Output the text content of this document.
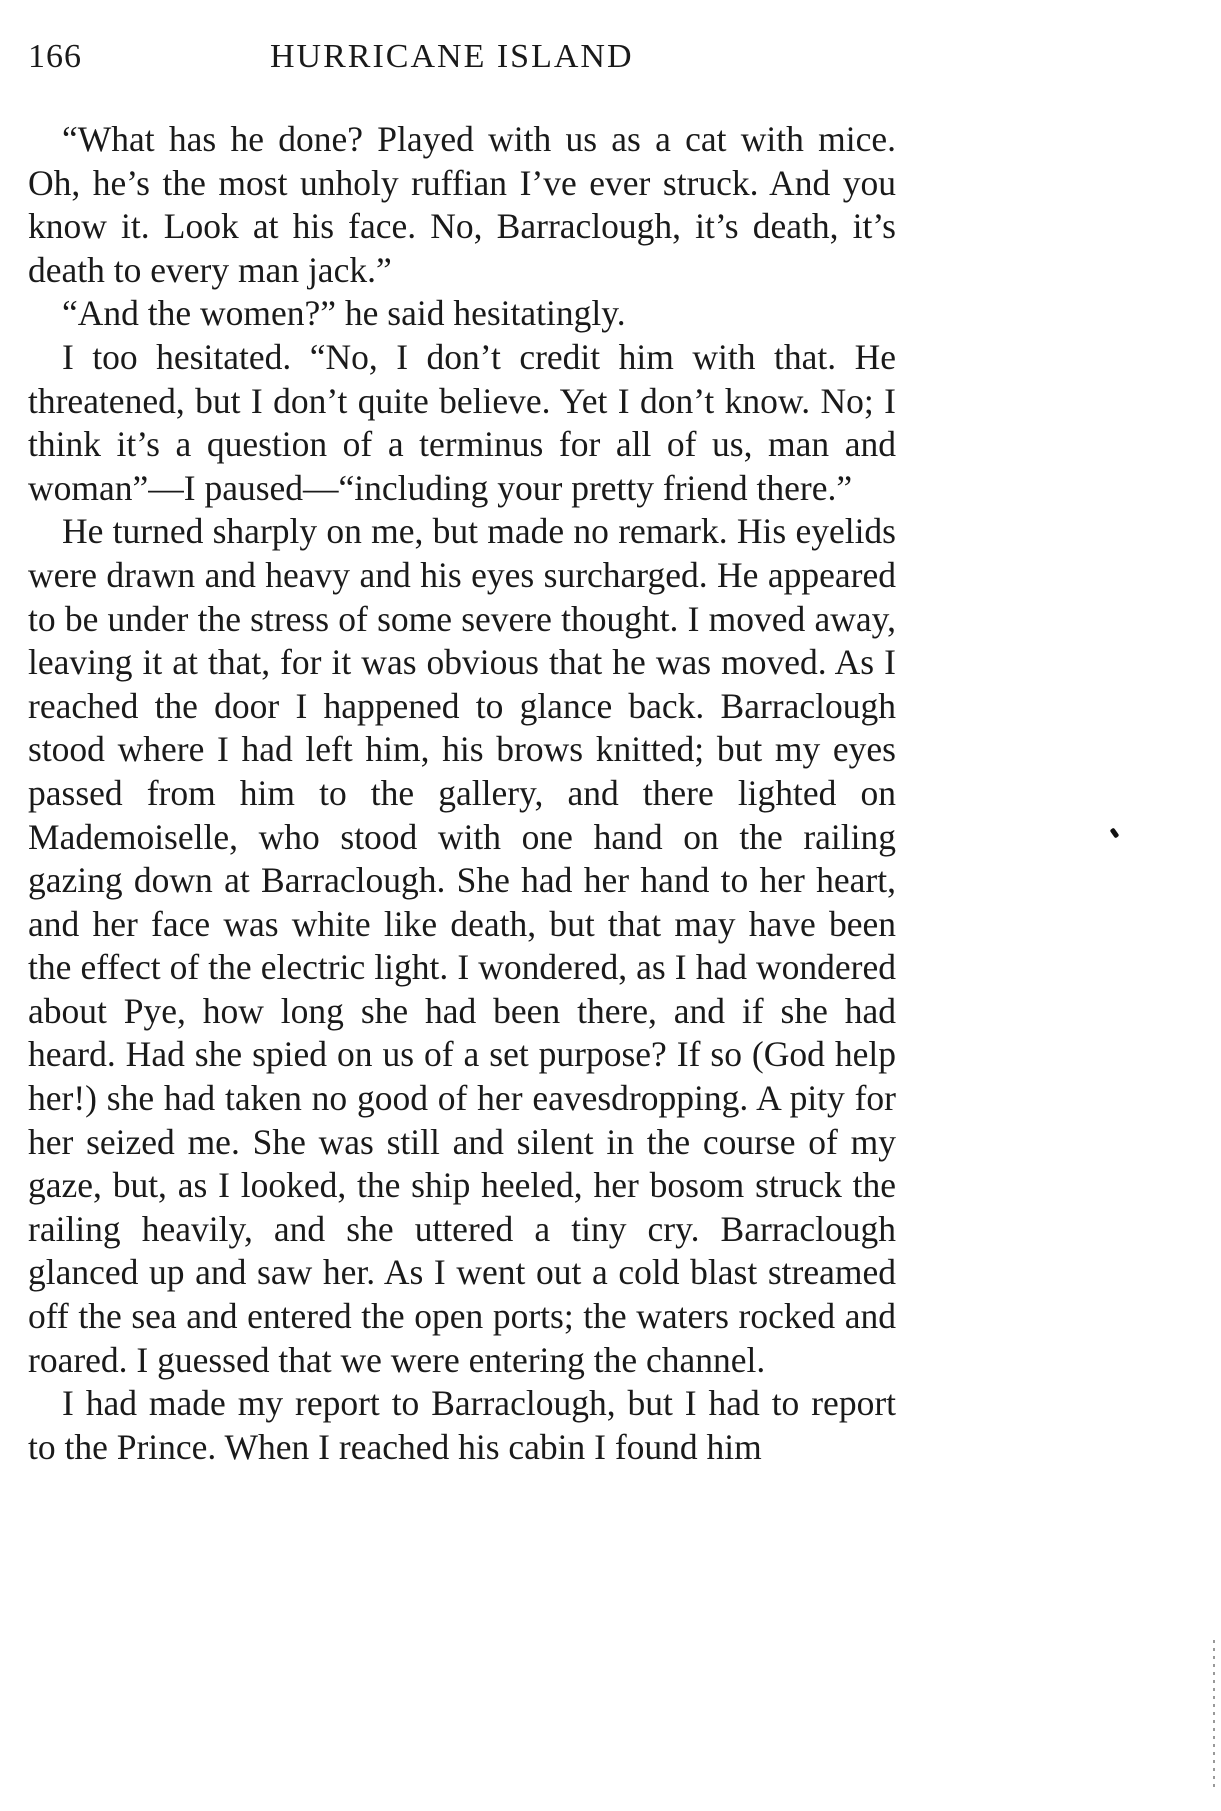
166	HURRICANE ISLAND

“What has he done? Played with us as a cat with mice. Oh, he’s the most unholy ruffian I’ve ever struck. And you know it. Look at his face. No, Barraclough, it’s death, it’s death to every man jack.”

“And the women?” he said hesitatingly.

I too hesitated. “No, I don’t credit him with that. He threatened, but I don’t quite believe. Yet I don’t know. No; I think it’s a question of a terminus for all of us, man and woman”—I paused—“including your pretty friend there.”

He turned sharply on me, but made no remark. His eyelids were drawn and heavy and his eyes surcharged. He appeared to be under the stress of some severe thought. I moved away, leaving it at that, for it was obvious that he was moved. As I reached the door I happened to glance back. Barraclough stood where I had left him, his brows knitted; but my eyes passed from him to the gallery, and there lighted on Mademoiselle, who stood with one hand on the railing gazing down at Barraclough. She had her hand to her heart, and her face was white like death, but that may have been the effect of the electric light. I wondered, as I had wondered about Pye, how long she had been there, and if she had heard. Had she spied on us of a set purpose? If so (God help her!) she had taken no good of her eavesdropping. A pity for her seized me. She was still and silent in the course of my gaze, but, as I looked, the ship heeled, her bosom struck the railing heavily, and she uttered a tiny cry. Barraclough glanced up and saw her. As I went out a cold blast streamed off the sea and entered the open ports; the waters rocked and roared. I guessed that we were entering the channel.

I had made my report to Barraclough, but I had to report to the Prince. When I reached his cabin I found him
